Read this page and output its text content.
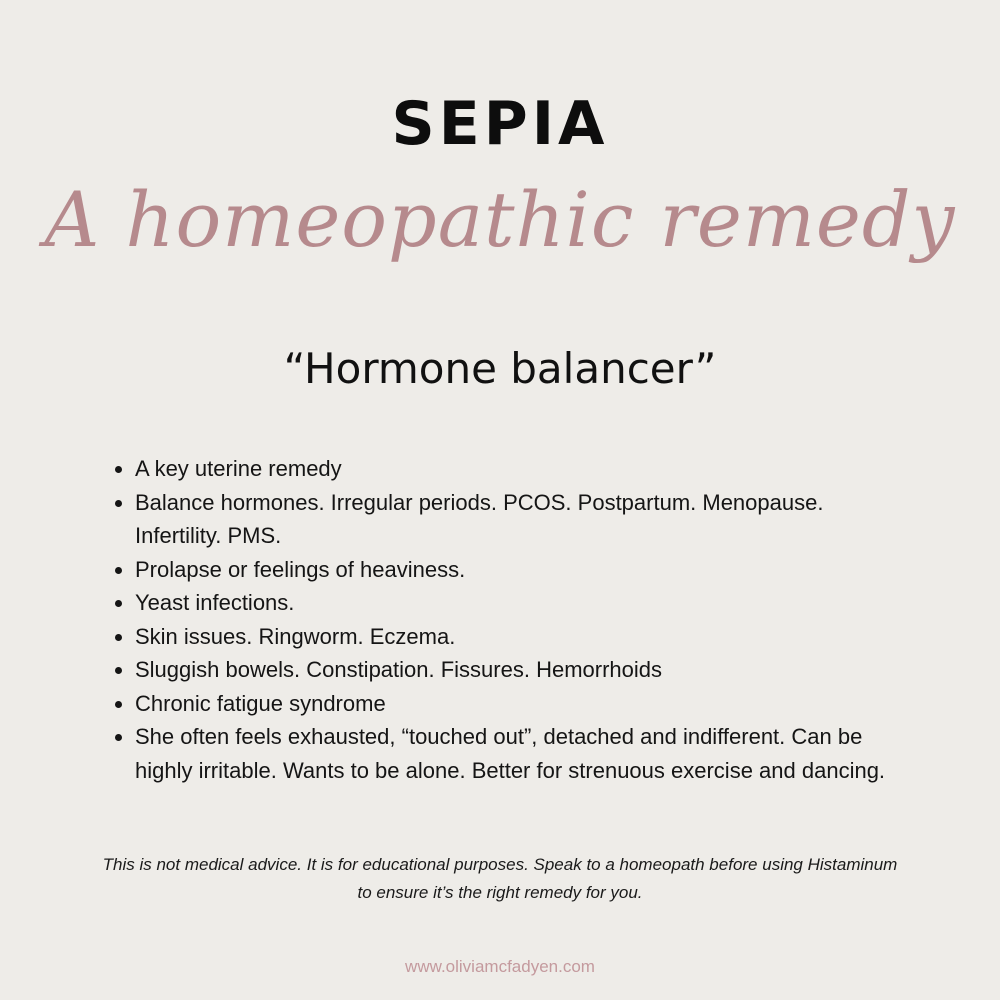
SEPIA
A homeopathic remedy
“Hormone balancer”
• A key uterine remedy
• Balance hormones. Irregular periods. PCOS. Postpartum. Menopause. Infertility. PMS.
• Prolapse or feelings of heaviness.
• Yeast infections.
• Skin issues. Ringworm. Eczema.
• Sluggish bowels. Constipation. Fissures. Hemorrhoids
• Chronic fatigue syndrome
• She often feels exhausted, “touched out”, detached and indifferent. Can be highly irritable. Wants to be alone. Better for strenuous exercise and dancing.
This is not medical advice. It is for educational purposes. Speak to a homeopath before using Histaminum to ensure it’s the right remedy for you.
www.oliviamcfadyen.com
